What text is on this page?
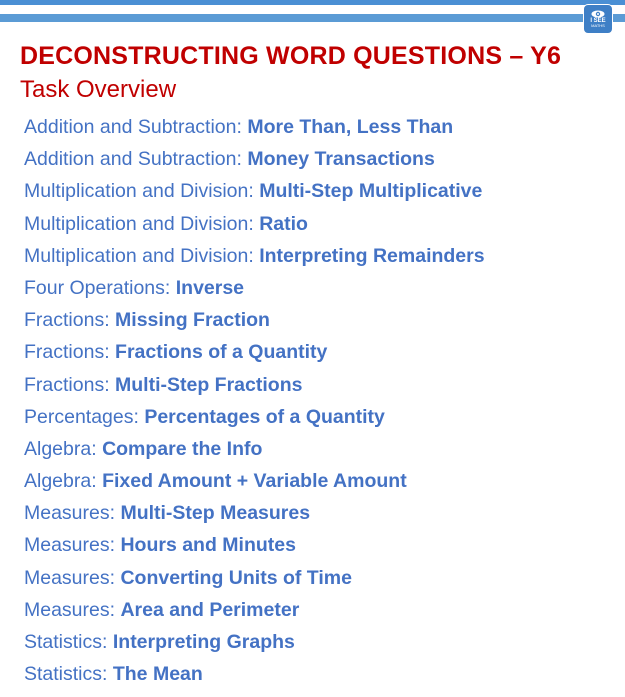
I SEE
MATHS
DECONSTRUCTING WORD QUESTIONS – Y6
Task Overview
Addition and Subtraction: More Than, Less Than
Addition and Subtraction: Money Transactions
Multiplication and Division: Multi-Step Multiplicative
Multiplication and Division: Ratio
Multiplication and Division: Interpreting Remainders
Four Operations: Inverse
Fractions: Missing Fraction
Fractions: Fractions of a Quantity
Fractions: Multi-Step Fractions
Percentages: Percentages of a Quantity
Algebra: Compare the Info
Algebra: Fixed Amount + Variable Amount
Measures: Multi-Step Measures
Measures: Hours and Minutes
Measures: Converting Units of Time
Measures: Area and Perimeter
Statistics: Interpreting Graphs
Statistics: The Mean
